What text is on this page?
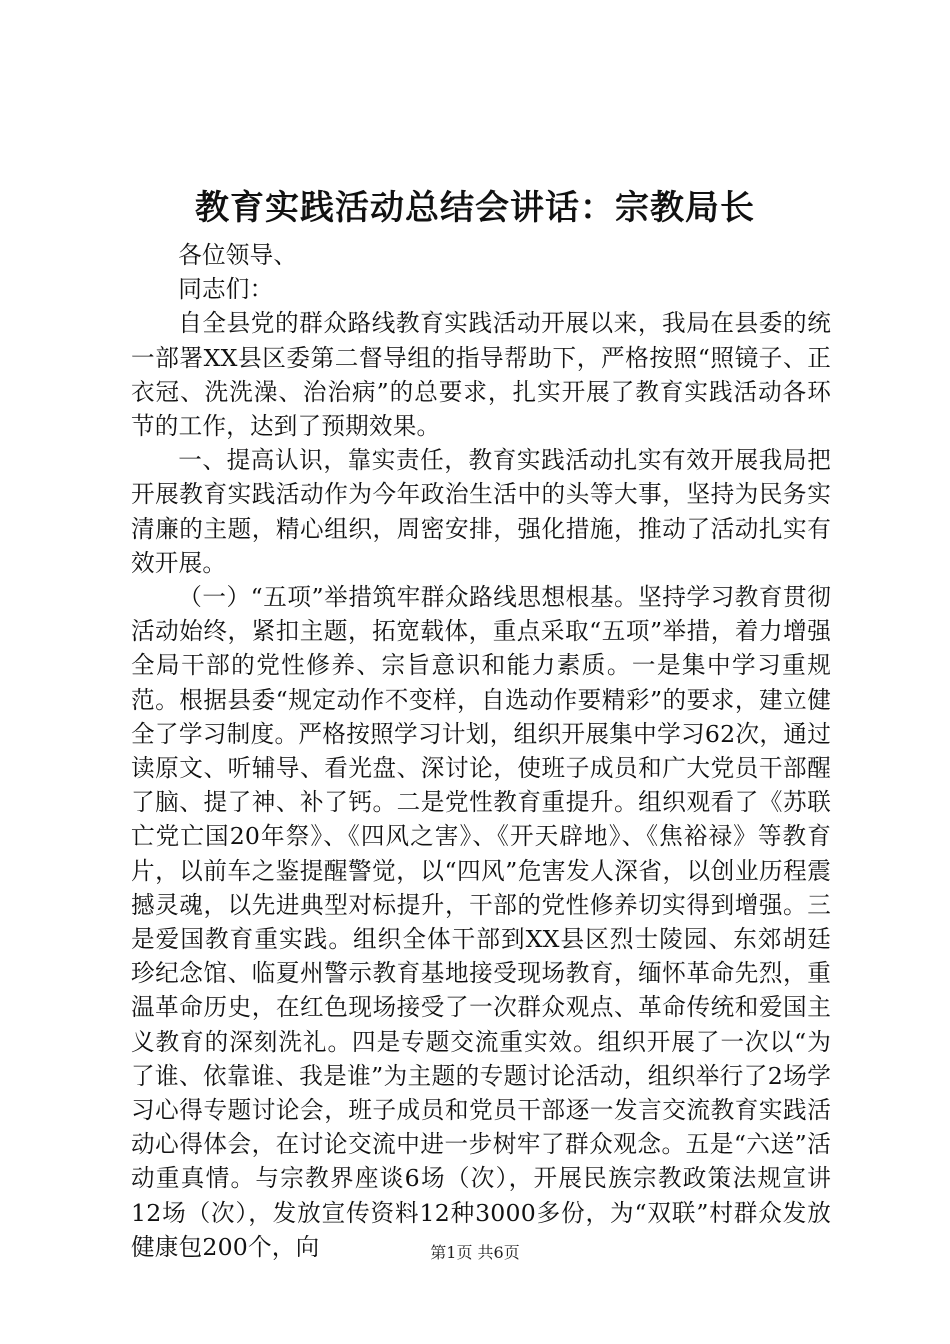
教育实践活动总结会讲话：宗教局长

各位领导、

同志们：

自全县党的群众路线教育实践活动开展以来，我局在县委的统一部署XX县区委第二督导组的指导帮助下，严格按照“照镜子、正衣冠、洗洗澡、治治病”的总要求，扎实开展了教育实践活动各环节的工作，达到了预期效果。

一、提高认识，靠实责任，教育实践活动扎实有效开展我局把开展教育实践活动作为今年政治生活中的头等大事，坚持为民务实清廉的主题，精心组织，周密安排，强化措施，推动了活动扎实有效开展。

（一）“五项”举措筑牢群众路线思想根基。坚持学习教育贯彻活动始终，紧扣主题，拓宽载体，重点采取“五项”举措，着力增强全局干部的党性修养、宗旨意识和能力素质。一是集中学习重规范。根据县委“规定动作不变样，自选动作要精彩”的要求，建立健全了学习制度。严格按照学习计划，组织开展集中学习62次，通过读原文、听辅导、看光盘、深讨论，使班子成员和广大党员干部醒了脑、提了神、补了钙。二是党性教育重提升。组织观看了《苏联亡党亡国20年祭》、《四风之害》、《开天辟地》、《焦裕禄》等教育片，以前车之鉴提醒警觉，以“四风”危害发人深省，以创业历程震撼灵魂，以先进典型对标提升，干部的党性修养切实得到增强。三是爱国教育重实践。组织全体干部到XX县区烈士陵园、东郊胡廷珍纪念馆、临夏州警示教育基地接受现场教育，缅怀革命先烈，重温革命历史，在红色现场接受了一次群众观点、革命传统和爱国主义教育的深刻洗礼。四是专题交流重实效。组织开展了一次以“为了谁、依靠谁、我是谁”为主题的专题讨论活动，组织举行了2场学习心得专题讨论会，班子成员和党员干部逐一发言交流教育实践活动心得体会，在讨论交流中进一步树牢了群众观念。五是“六送”活动重真情。与宗教界座谈6场（次），开展民族宗教政策法规宣讲12场（次），发放宣传资料12种3000多份，为“双联”村群众发放健康包200个，向	第1页 共6页
